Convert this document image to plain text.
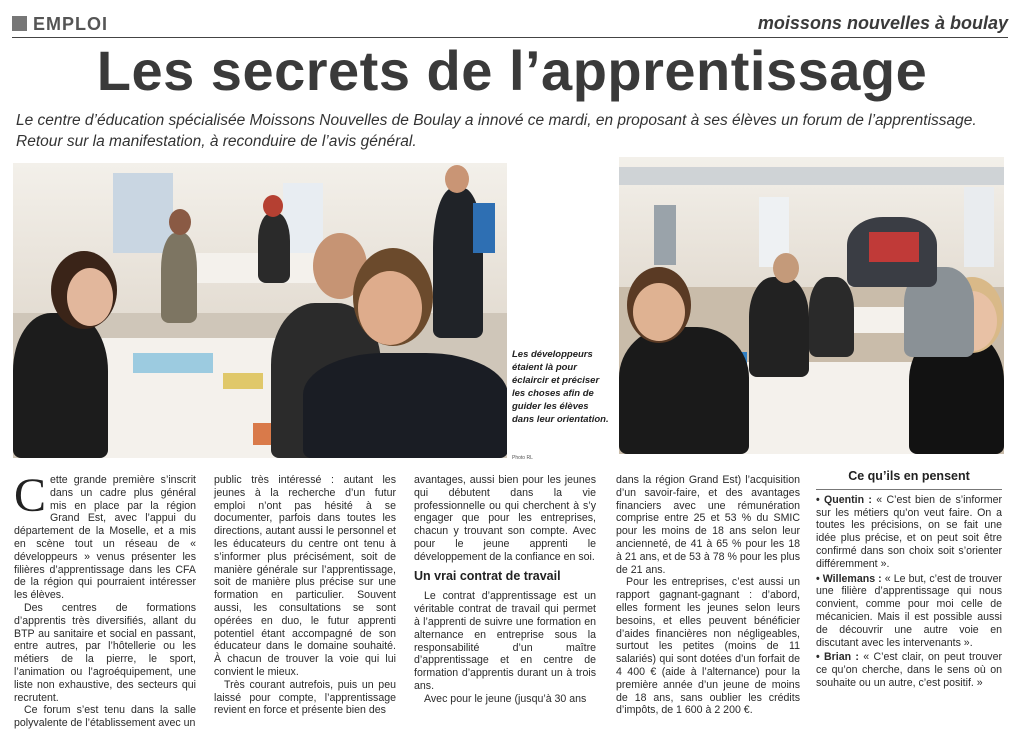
EMPLOI	moissons nouvelles à boulay
Les secrets de l’apprentissage
Le centre d’éducation spécialisée Moissons Nouvelles de Boulay a innové ce mardi, en proposant à ses élèves un forum de l’apprentissage. Retour sur la manifestation, à reconduire de l’avis général.
Les développeurs étaient là pour éclaircir et préciser les choses afin de guider les élèves dans leur orientation.
Photo RL

Cette grande première s’inscrit dans un cadre plus général mis en place par la région Grand Est, avec l’appui du département de la Moselle, et a mis en scène tout un réseau de « développeurs » venus présenter les filières d’apprentissage dans les CFA de la région qui pourraient intéresser les élèves.

Des centres de formations d’apprentis très diversifiés, allant du BTP au sanitaire et social en passant, entre autres, par l’hôtellerie ou les métiers de la pierre, le sport, l’animation ou l’agroéquipement, une liste non exhaustive, des secteurs qui recrutent.

Ce forum s’est tenu dans la salle polyvalente de l’établissement avec un

public très intéressé : autant les jeunes à la recherche d’un futur emploi n’ont pas hésité à se documenter, parfois dans toutes les directions, autant aussi le personnel et les éducateurs du centre ont tenu à s’informer plus précisément, soit de manière générale sur l’apprentissage, soit de manière plus précise sur une formation en particulier. Souvent aussi, les consultations se sont opérées en duo, le futur apprenti potentiel étant accompagné de son éducateur dans le domaine souhaité. À chacun de trouver la voie qui lui convient le mieux.

Très courant autrefois, puis un peu laissé pour compte, l’apprentissage revient en force et présente bien des

avantages, aussi bien pour les jeunes qui débutent dans la vie professionnelle ou qui cherchent à s’y engager que pour les entreprises, chacun y trouvant son compte. Avec pour le jeune apprenti le développement de la confiance en soi.

Un vrai contrat de travail

Le contrat d’apprentissage est un véritable contrat de travail qui permet à l’apprenti de suivre une formation en alternance en entreprise sous la responsabilité d’un maître d’apprentissage et en centre de formation d’apprentis durant un à trois ans.

Avec pour le jeune (jusqu’à 30 ans

dans la région Grand Est) l’acquisition d’un savoir-faire, et des avantages financiers avec une rémunération comprise entre 25 et 53 % du SMIC pour les moins de 18 ans selon leur ancienneté, de 41 à 65 % pour les 18 à 21 ans, et de 53 à 78 % pour les plus de 21 ans.

Pour les entreprises, c’est aussi un rapport gagnant-gagnant : d’abord, elles forment les jeunes selon leurs besoins, et elles peuvent bénéficier d’aides financières non négligeables, surtout les petites (moins de 11 salariés) qui sont dotées d’un forfait de 4 400 € (aide à l’alternance) pour la première année d’un jeune de moins de 18 ans, sans oublier les crédits d’impôts, de 1 600 à 2 200 €.

Ce qu’ils en pensent

• Quentin : « C’est bien de s’informer sur les métiers qu’on veut faire. On a toutes les précisions, on se fait une idée plus précise, et on peut soit être confirmé dans son choix soit s’orienter différemment ».

• Willemans : « Le but, c’est de trouver une filière d’apprentissage qui nous convient, comme pour moi celle de mécanicien. Mais il est possible aussi de découvrir une autre voie en discutant avec les intervenants ».

• Brian : « C’est clair, on peut trouver ce qu’on cherche, dans le sens où on souhaite ou un autre, c’est positif. »
